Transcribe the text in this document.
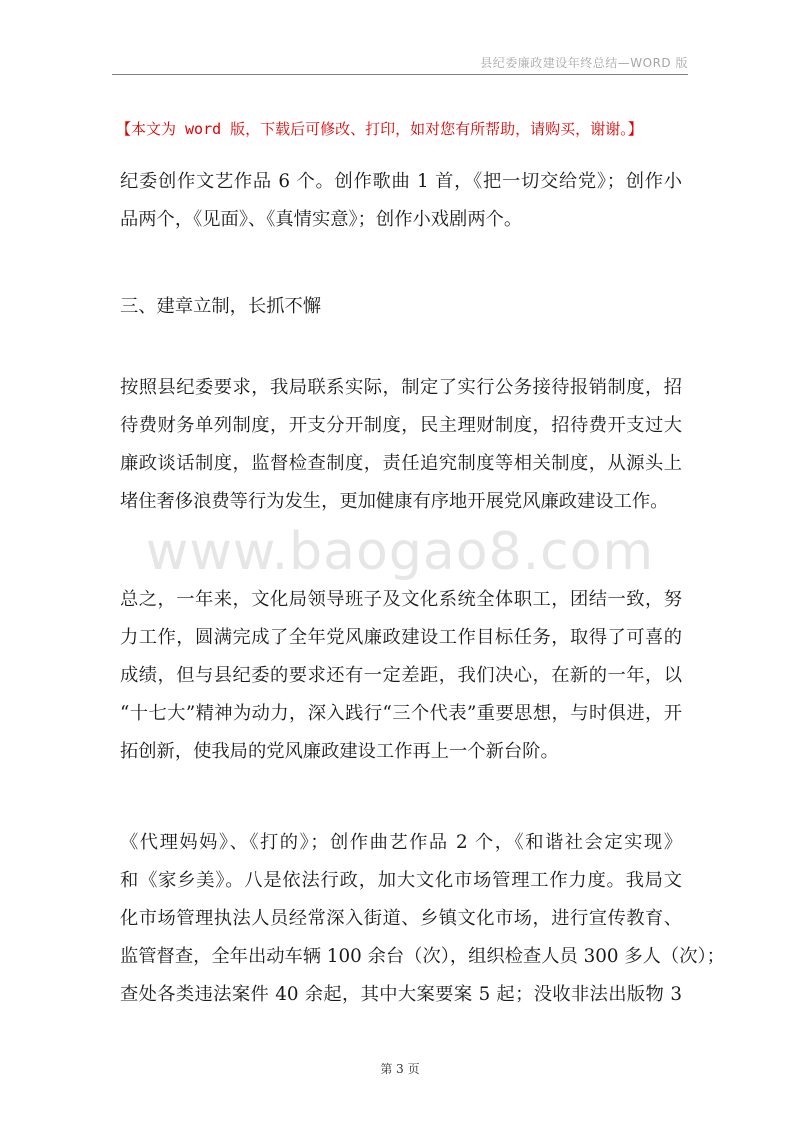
县纪委廉政建设年终总结—WORD 版
【本文为 word 版，下载后可修改、打印，如对您有所帮助，请购买，谢谢。】
纪委创作文艺作品 6 个。创作歌曲 1 首，《把一切交给党》；创作小
品两个，《见面》、《真情实意》；创作小戏剧两个。
三、建章立制，长抓不懈
按照县纪委要求，我局联系实际，制定了实行公务接待报销制度，招
待费财务单列制度，开支分开制度，民主理财制度，招待费开支过大
廉政谈话制度，监督检查制度，责任追究制度等相关制度，从源头上
堵住奢侈浪费等行为发生，更加健康有序地开展党风廉政建设工作。
www.baogao8.com
总之，一年来，文化局领导班子及文化系统全体职工，团结一致，努
力工作，圆满完成了全年党风廉政建设工作目标任务，取得了可喜的
成绩，但与县纪委的要求还有一定差距，我们决心，在新的一年，以
“十七大”精神为动力，深入践行“三个代表”重要思想，与时俱进，开
拓创新，使我局的党风廉政建设工作再上一个新台阶。
《代理妈妈》、《打的》；创作曲艺作品 2 个，《和谐社会定实现》
和《家乡美》。八是依法行政，加大文化市场管理工作力度。我局文
化市场管理执法人员经常深入街道、乡镇文化市场，进行宣传教育、
监管督查，全年出动车辆 100 余台（次），组织检查人员 300 多人（次）；
查处各类违法案件 40 余起，其中大案要案 5 起；没收非法出版物 3
第 3 页
